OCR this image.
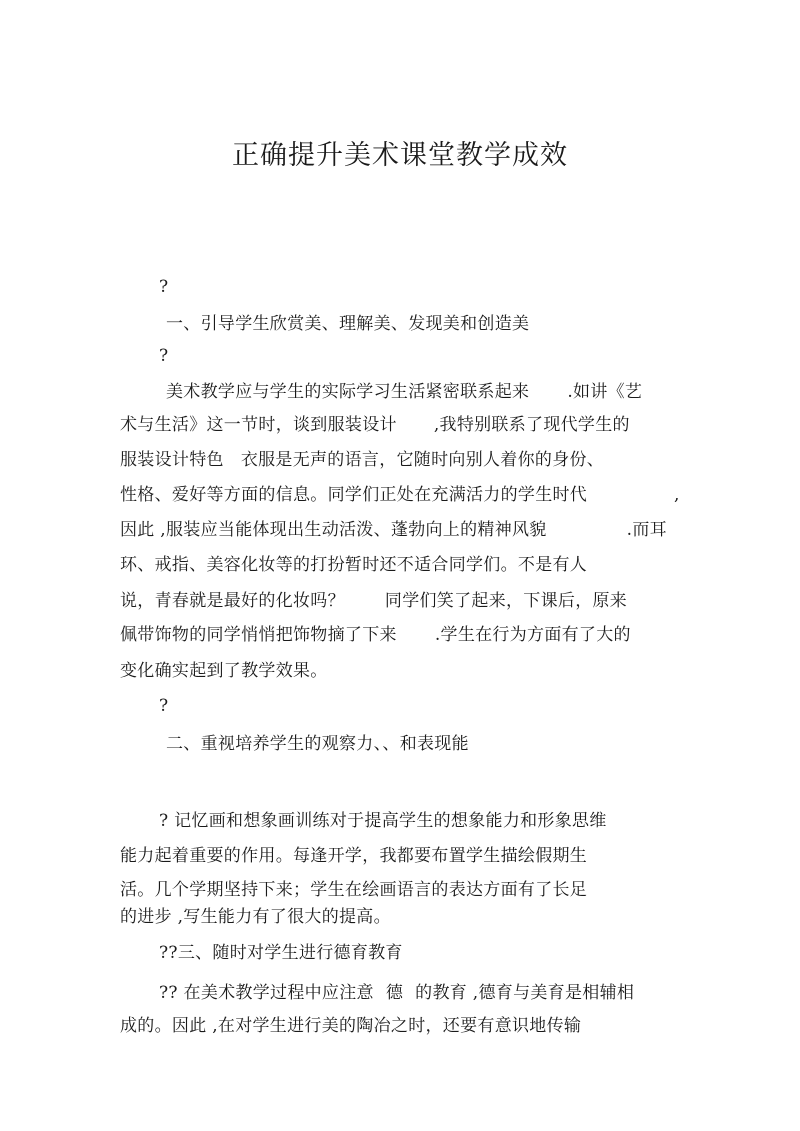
正确提升美术课堂教学成效
?
一、引导学生欣赏美、理解美、发现美和创造美
?
美术教学应与学生的实际学习生活紧密联系起来 .如讲《艺
术与生活》这一节时，谈到服装设计 ,我特别联系了现代学生的
服装设计特色 衣服是无声的语言，它随时向别人着你的身份、
性格、爱好等方面的信息。同学们正处在充满活力的学生时代	,
因此 ,服装应当能体现出生动活泼、蓬勃向上的精神风貌	.而耳
环、戒指、美容化妆等的打扮暂时还不适合同学们。不是有人
说，青春就是最好的化妆吗？ 同学们笑了起来，下课后，原来
佩带饰物的同学悄悄把饰物摘了下来 .学生在行为方面有了大的
变化确实起到了教学效果。
?
二、重视培养学生的观察力、、和表现能
? 记忆画和想象画训练对于提高学生的想象能力和形象思维
能力起着重要的作用。每逢开学，我都要布置学生描绘假期生
活。几个学期坚持下来；学生在绘画语言的表达方面有了长足
的进步 ,写生能力有了很大的提高。
??三、随时对学生进行德育教育
?? 在美术教学过程中应注意 德 的教育 ,德育与美育是相辅相
成的。因此 ,在对学生进行美的陶冶之时，还要有意识地传输
